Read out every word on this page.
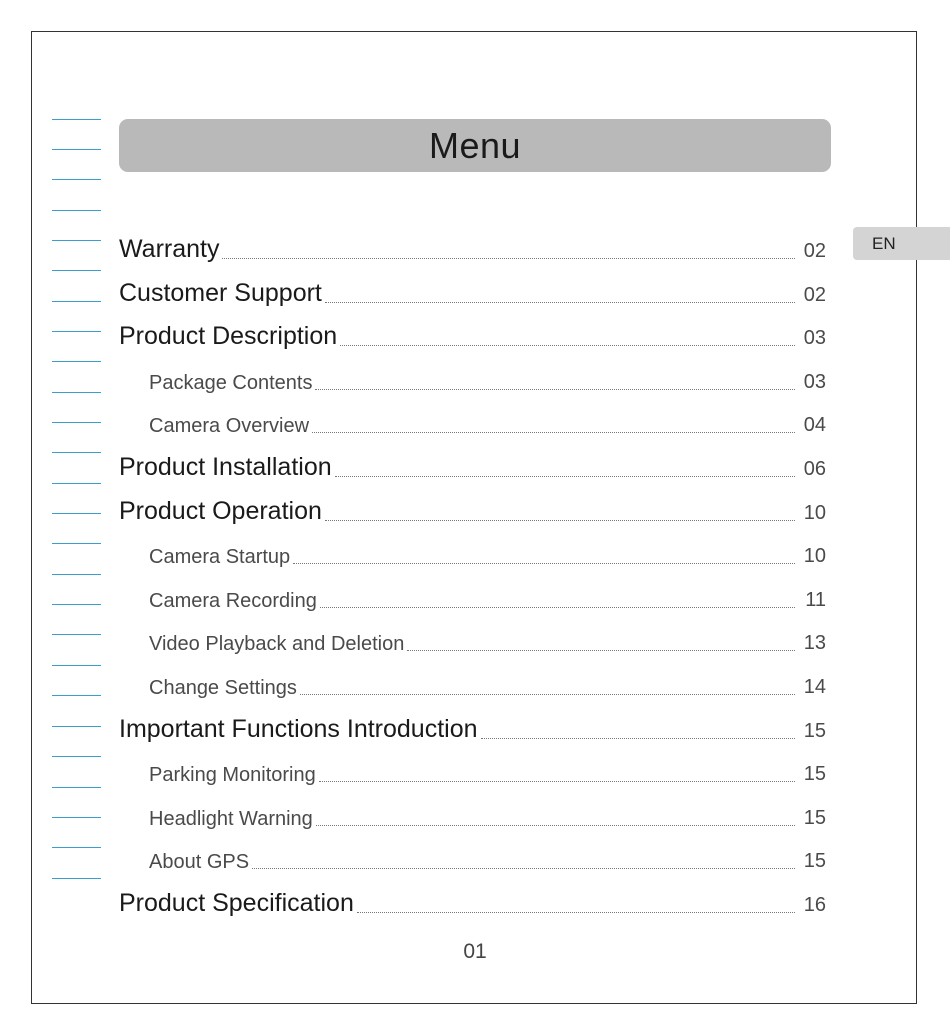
Menu
EN
Warranty	02
Customer Support	02
Product Description	03
Package Contents	03
Camera Overview	04
Product Installation	06
Product Operation	10
Camera Startup	10
Camera Recording	11
Video Playback and Deletion	13
Change Settings	14
Important Functions Introduction	15
Parking Monitoring	15
Headlight Warning	15
About GPS	15
Product Specification	16
01
